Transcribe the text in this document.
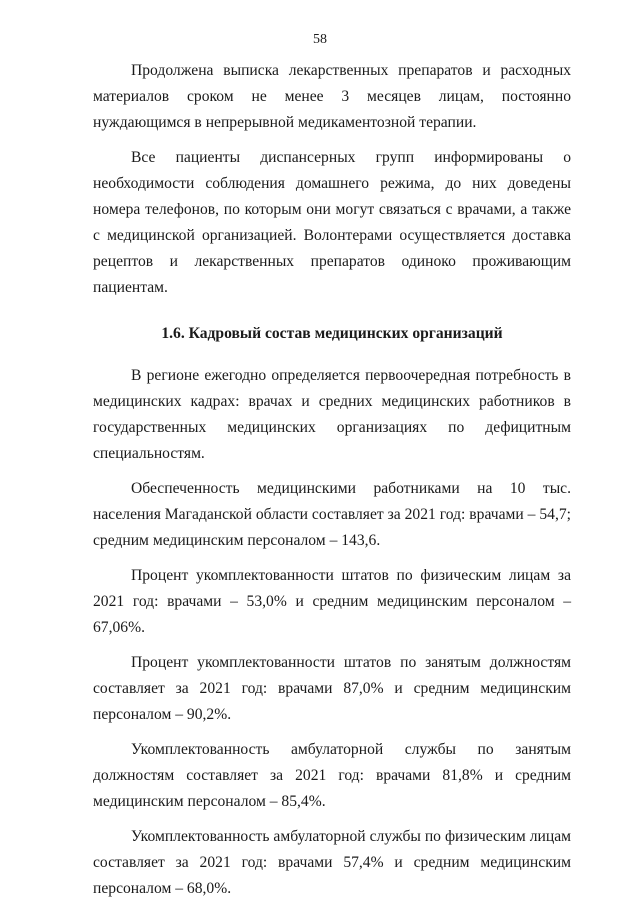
58

Продолжена выписка лекарственных препаратов и расходных материалов сроком не менее 3 месяцев лицам, постоянно нуждающимся в непрерывной медикаментозной терапии.

Все пациенты диспансерных групп информированы о необходимости соблюдения домашнего режима, до них доведены номера телефонов, по которым они могут связаться с врачами, а также с медицинской организацией. Волонтерами осуществляется доставка рецептов и лекарственных препаратов одиноко проживающим пациентам.

1.6. Кадровый состав медицинских организаций

В регионе ежегодно определяется первоочередная потребность в медицинских кадрах: врачах и средних медицинских работников в государственных медицинских организациях по дефицитным специальностям.

Обеспеченность медицинскими работниками на 10 тыс. населения Магаданской области составляет за 2021 год: врачами – 54,7; средним медицинским персоналом – 143,6.

Процент укомплектованности штатов по физическим лицам за 2021 год: врачами – 53,0% и средним медицинским персоналом – 67,06%.

Процент укомплектованности штатов по занятым должностям составляет за 2021 год: врачами 87,0% и средним медицинским персоналом – 90,2%.

Укомплектованность амбулаторной службы по занятым должностям составляет за 2021 год: врачами 81,8% и средним медицинским персоналом – 85,4%.

Укомплектованность амбулаторной службы по физическим лицам составляет за 2021 год: врачами 57,4% и средним медицинским персоналом – 68,0%.
